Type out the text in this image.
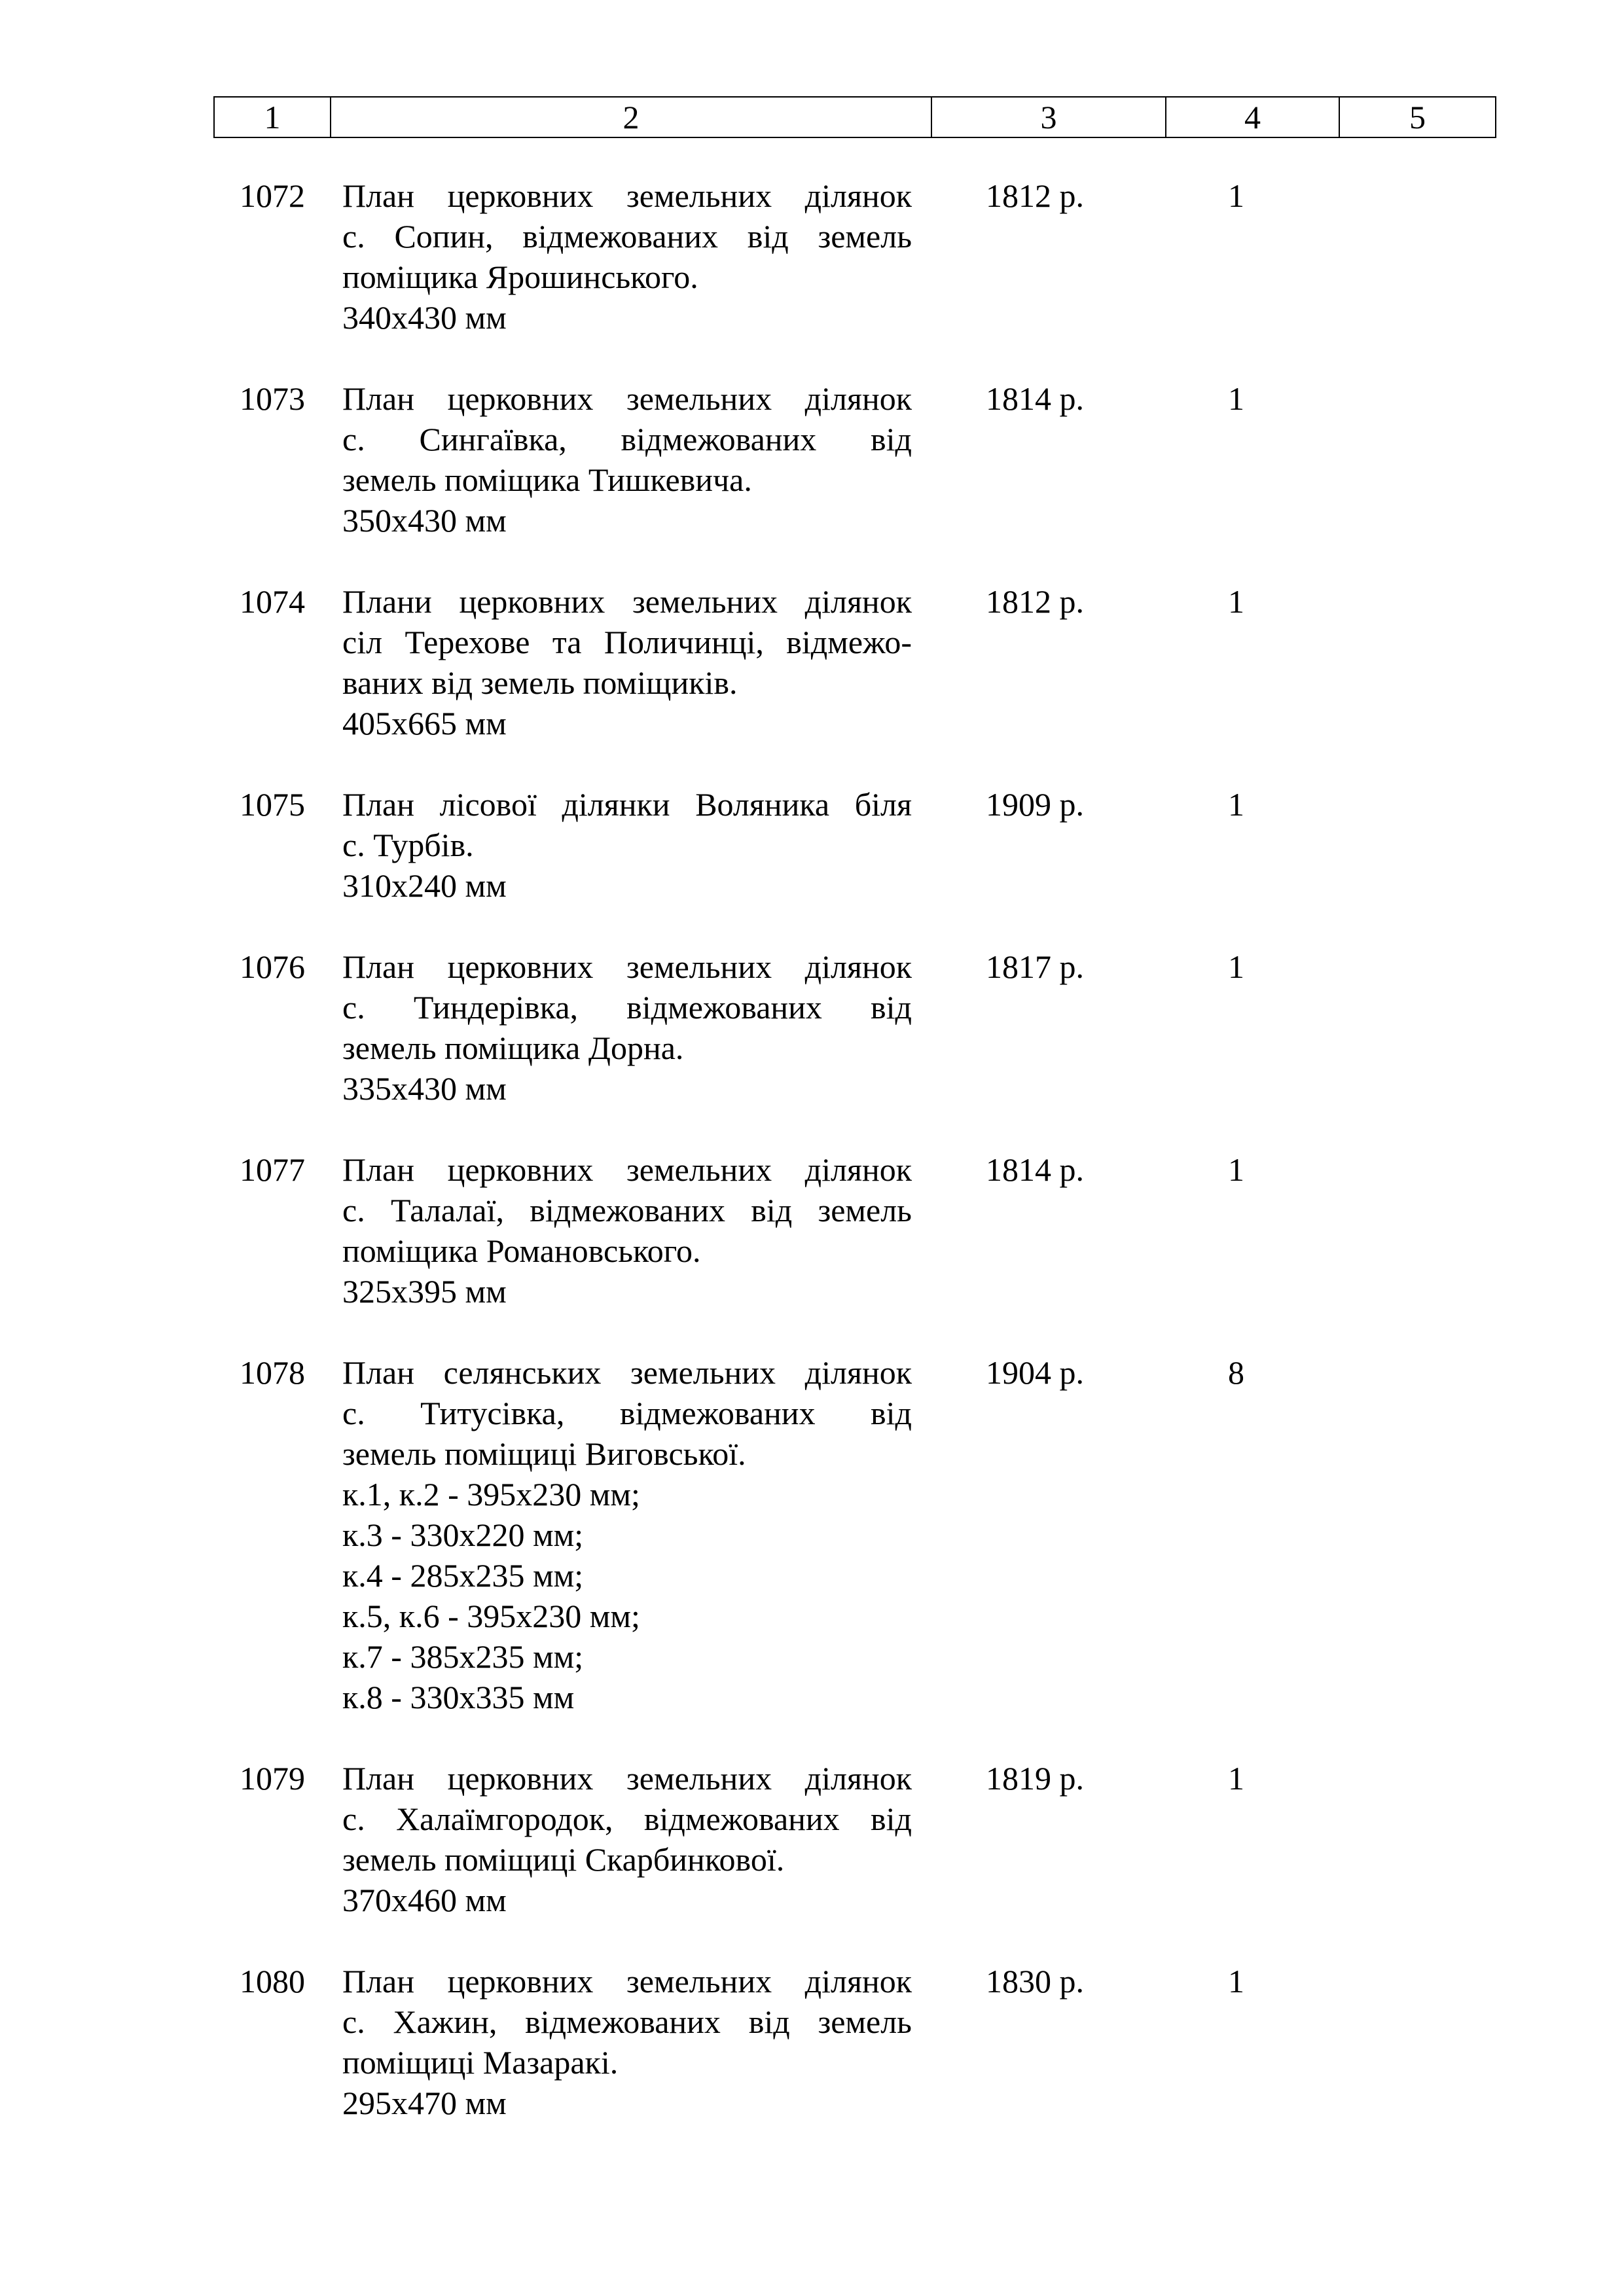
1	2	3	4	5
1072	План церковних земельних ділянок
с. Сопин, відмежованих від земель
поміщика Ярошинського.
340х430 мм
1812 р.	1
1073	План церковних земельних ділянок
с. Сингаївка, відмежованих від
земель поміщика Тишкевича.
350х430 мм
1814 р.	1
1074	Плани церковних земельних ділянок
сіл Терехове та Поличинці, відмежо-
ваних від земель поміщиків.
405х665 мм
1812 р.	1
1075	План лісової ділянки Воляника біля
с. Турбів.
310х240 мм
1909 р.	1
1076	План церковних земельних ділянок
с. Тиндерівка, відмежованих від
земель поміщика Дорна.
335х430 мм
1817 р.	1
1077	План церковних земельних ділянок
с. Талалаї, відмежованих від земель
поміщика Романовського.
325х395 мм
1814 р.	1
1078	План селянських земельних ділянок
с. Титусівка, відмежованих від
земель поміщиці Виговської.
к.1, к.2 - 395х230 мм;
к.3 - 330х220 мм;
к.4 - 285х235 мм;
к.5, к.6 - 395х230 мм;
к.7 - 385х235 мм;
к.8 - 330х335 мм
1904 р.	8
1079	План церковних земельних ділянок
с. Халаїмгородок, відмежованих від
земель поміщиці Скарбинкової.
370х460 мм
1819 р.	1
1080	План церковних земельних ділянок
с. Хажин, відмежованих від земель
поміщиці Мазаракі.
295х470 мм
1830 р.	1
